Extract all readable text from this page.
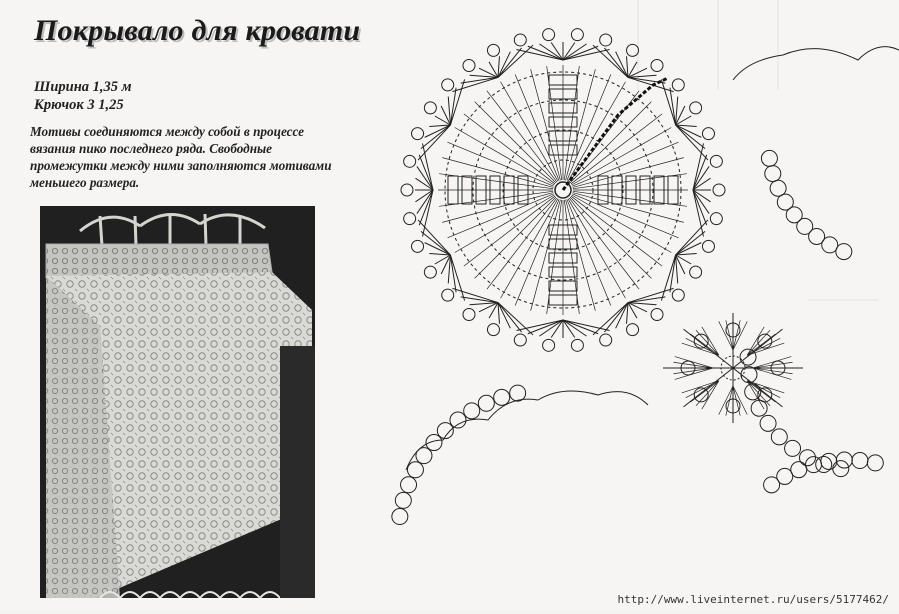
Покрывало для кровати
Ширина 1,35 м
Крючок 3 1,25
Мотивы соединяются между собой в процессе
вязания пико последнего ряда. Свободные
промежутки между ними заполняются мотивами
меньшего размера.
http://www.liveinternet.ru/users/5177462/
